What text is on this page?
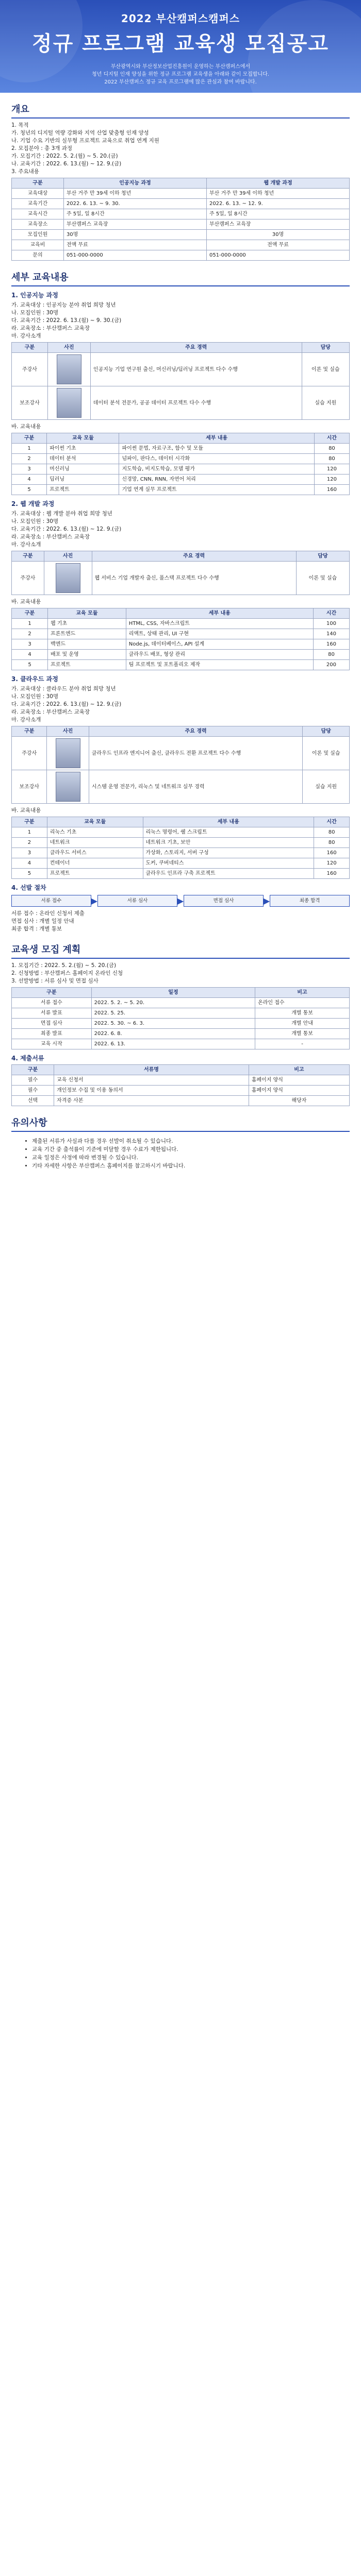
2022 부산캠퍼스캠퍼스
정규 프로그램 교육생 모집공고
부산광역시와 부산정보산업진흥원이 운영하는 부산캠퍼스에서
청년 디지털 인재 양성을 위한 정규 프로그램 교육생을 아래와 같이 모집합니다.
2022 부산캠퍼스 정규 교육 프로그램에 많은 관심과 참여 바랍니다.
개요

1. 목적

가. 청년의 디지털 역량 강화와 지역 산업 맞춤형 인재 양성

나. 기업 수요 기반의 실무형 프로젝트 교육으로 취업 연계 지원

2. 모집분야 : 총 3개 과정

가. 모집기간 : 2022. 5. 2.(월) ~ 5. 20.(금)

나. 교육기간 : 2022. 6. 13.(월) ~ 12. 9.(금)

3. 주요내용

구분	인공지능 과정	웹 개발 과정
교육대상	부산 거주 만 39세 이하 청년	부산 거주 만 39세 이하 청년
교육기간	2022. 6. 13. ~ 9. 30.	2022. 6. 13. ~ 12. 9.
교육시간	주 5일, 일 8시간	주 5일, 일 8시간
교육장소	부산캠퍼스 교육장	부산캠퍼스 교육장
모집인원	30명	30명
교육비	전액 무료	전액 무료
문의	051-000-0000	051-000-0000
세부 교육내용
1. 인공지능 과정

가. 교육대상 : 인공지능 분야 취업 희망 청년

나. 모집인원 : 30명

다. 교육기간 : 2022. 6. 13.(월) ~ 9. 30.(금)

라. 교육장소 : 부산캠퍼스 교육장

마. 강사소개

구분	사진	주요 경력	담당
주강사		인공지능 기업 연구원 출신, 머신러닝/딥러닝 프로젝트 다수 수행	이론 및 실습
보조강사		데이터 분석 전문가, 공공 데이터 프로젝트 다수 수행	실습 지원

바. 교육내용

구분	교육 모듈	세부 내용	시간
1	파이썬 기초	파이썬 문법, 자료구조, 함수 및 모듈	80
2	데이터 분석	넘파이, 판다스, 데이터 시각화	80
3	머신러닝	지도학습, 비지도학습, 모델 평가	120
4	딥러닝	신경망, CNN, RNN, 자연어 처리	120
5	프로젝트	기업 연계 실무 프로젝트	160
2. 웹 개발 과정

가. 교육대상 : 웹 개발 분야 취업 희망 청년

나. 모집인원 : 30명

다. 교육기간 : 2022. 6. 13.(월) ~ 12. 9.(금)

라. 교육장소 : 부산캠퍼스 교육장

마. 강사소개

구분	사진	주요 경력	담당
주강사		웹 서비스 기업 개발자 출신, 풀스택 프로젝트 다수 수행	이론 및 실습

바. 교육내용

구분	교육 모듈	세부 내용	시간
1	웹 기초	HTML, CSS, 자바스크립트	100
2	프론트엔드	리액트, 상태 관리, UI 구현	140
3	백엔드	Node.js, 데이터베이스, API 설계	160
4	배포 및 운영	클라우드 배포, 형상 관리	80
5	프로젝트	팀 프로젝트 및 포트폴리오 제작	200
3. 클라우드 과정

가. 교육대상 : 클라우드 분야 취업 희망 청년

나. 모집인원 : 30명

다. 교육기간 : 2022. 6. 13.(월) ~ 12. 9.(금)

라. 교육장소 : 부산캠퍼스 교육장

마. 강사소개

구분	사진	주요 경력	담당
주강사		클라우드 인프라 엔지니어 출신, 클라우드 전환 프로젝트 다수 수행	이론 및 실습
보조강사		시스템 운영 전문가, 리눅스 및 네트워크 실무 경력	실습 지원

바. 교육내용

구분	교육 모듈	세부 내용	시간
1	리눅스 기초	리눅스 명령어, 쉘 스크립트	80
2	네트워크	네트워크 기초, 보안	80
3	클라우드 서비스	가상화, 스토리지, 서버 구성	160
4	컨테이너	도커, 쿠버네티스	120
5	프로젝트	클라우드 인프라 구축 프로젝트	160
4. 선발 절차
서류 접수	▶	서류 심사	▶	면접 심사	▶	최종 합격

서류 접수 : 온라인 신청서 제출

면접 심사 : 개별 일정 안내

최종 합격 : 개별 통보

교육생 모집 계획

1. 모집기간 : 2022. 5. 2.(월) ~ 5. 20.(금)

2. 신청방법 : 부산캠퍼스 홈페이지 온라인 신청

3. 선발방법 : 서류 심사 및 면접 심사

구분	일정	비고
서류 접수	2022. 5. 2. ~ 5. 20.	온라인 접수
서류 발표	2022. 5. 25.	개별 통보
면접 심사	2022. 5. 30. ~ 6. 3.	개별 안내
최종 발표	2022. 6. 8.	개별 통보
교육 시작	2022. 6. 13.	-
4. 제출서류
구분	서류명	비고
필수	교육 신청서	홈페이지 양식
필수	개인정보 수집 및 이용 동의서	홈페이지 양식
선택	자격증 사본	해당자
유의사항
• 제출된 서류가 사실과 다를 경우 선발이 취소될 수 있습니다.
• 교육 기간 중 출석률이 기준에 미달할 경우 수료가 제한됩니다.
• 교육 일정은 사정에 따라 변경될 수 있습니다.
• 기타 자세한 사항은 부산캠퍼스 홈페이지를 참고하시기 바랍니다.
